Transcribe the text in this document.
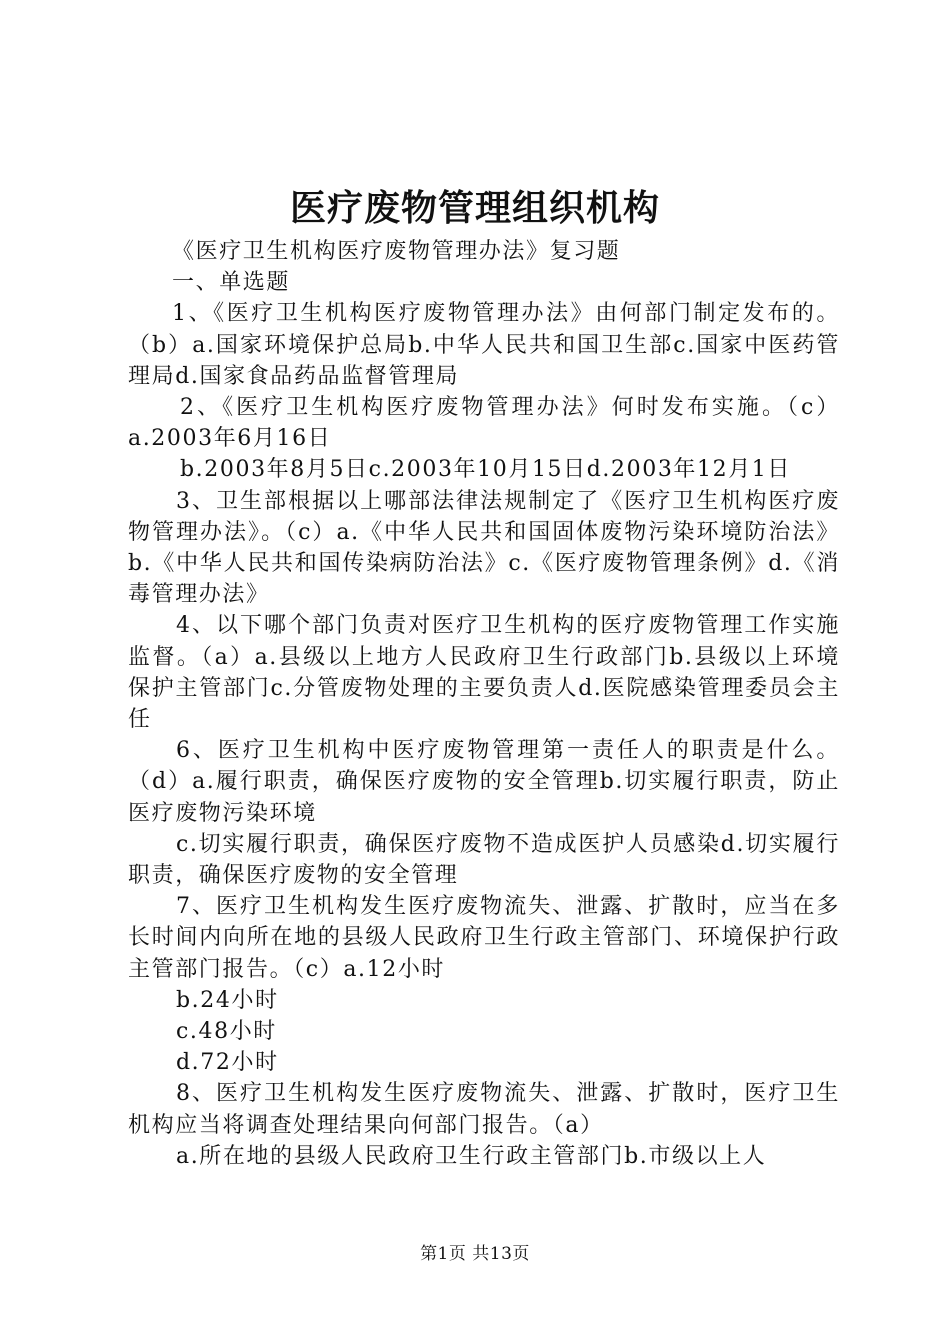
医疗废物管理组织机构

《医疗卫生机构医疗废物管理办法》复习题

一、单选题

1、《医疗卫生机构医疗废物管理办法》由何部门制定发布的。（b）a.国家环境保护总局b.中华人民共和国卫生部c.国家中医药管理局d.国家食品药品监督管理局

2、《医疗卫生机构医疗废物管理办法》何时发布实施。（c）a.2003年6月16日

b.2003年8月5日c.2003年10月15日d.2003年12月1日

3、卫生部根据以上哪部法律法规制定了《医疗卫生机构医疗废物管理办法》。（c）a.《中华人民共和国固体废物污染环境防治法》b.《中华人民共和国传染病防治法》c.《医疗废物管理条例》d.《消毒管理办法》

4、以下哪个部门负责对医疗卫生机构的医疗废物管理工作实施监督。（a）a.县级以上地方人民政府卫生行政部门b.县级以上环境保护主管部门c.分管废物处理的主要负责人d.医院感染管理委员会主任

6、医疗卫生机构中医疗废物管理第一责任人的职责是什么。（d）a.履行职责，确保医疗废物的安全管理b.切实履行职责，防止医疗废物污染环境

c.切实履行职责，确保医疗废物不造成医护人员感染d.切实履行职责，确保医疗废物的安全管理

7、医疗卫生机构发生医疗废物流失、泄露、扩散时，应当在多长时间内向所在地的县级人民政府卫生行政主管部门、环境保护行政主管部门报告。（c）a.12小时

b.24小时

c.48小时

d.72小时

8、医疗卫生机构发生医疗废物流失、泄露、扩散时，医疗卫生机构应当将调查处理结果向何部门报告。（a）

a.所在地的县级人民政府卫生行政主管部门b.市级以上人

第1页 共13页
